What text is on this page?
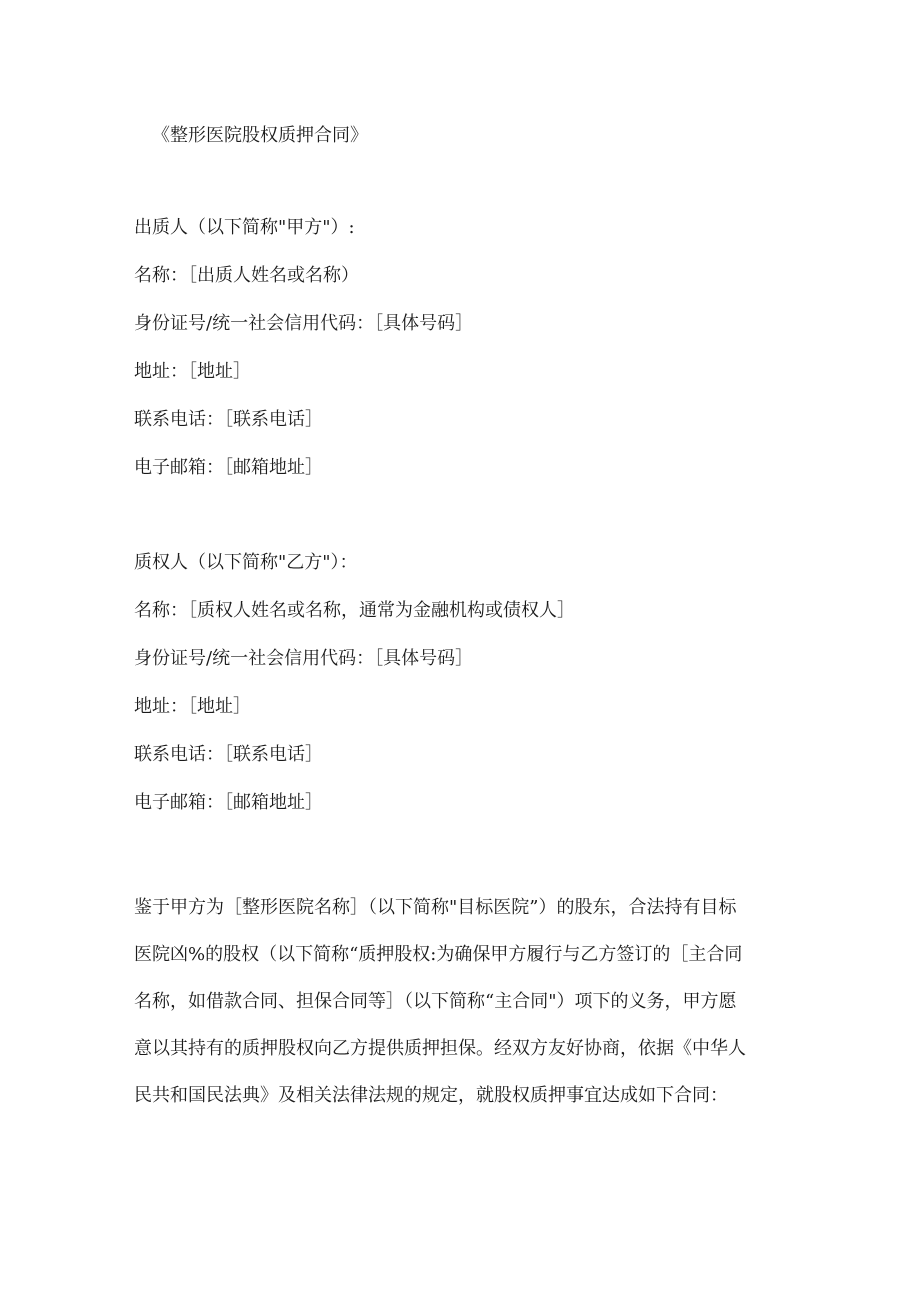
《整形医院股权质押合同》
出质人（以下简称"甲方"）:
名称：［出质人姓名或名称）
身份证号/统一社会信用代码：［具体号码］
地址：［地址］
联系电话：［联系电话］
电子邮箱：［邮箱地址］
质权人（以下简称"乙方"）：
名称：［质权人姓名或名称，通常为金融机构或债权人］
身份证号/统一社会信用代码：［具体号码］
地址：［地址］
联系电话：［联系电话］
电子邮箱：［邮箱地址］
鉴于甲方为［整形医院名称］（以下简称"目标医院”）的股东，合法持有目标
医院凶%的股权（以下简称“质押股权:为确保甲方履行与乙方签订的［主合同
名称，如借款合同、担保合同等］（以下简称“主合同"）项下的义务，甲方愿
意以其持有的质押股权向乙方提供质押担保。经双方友好协商，依据《中华人
民共和国民法典》及相关法律法规的规定，就股权质押事宜达成如下合同：
